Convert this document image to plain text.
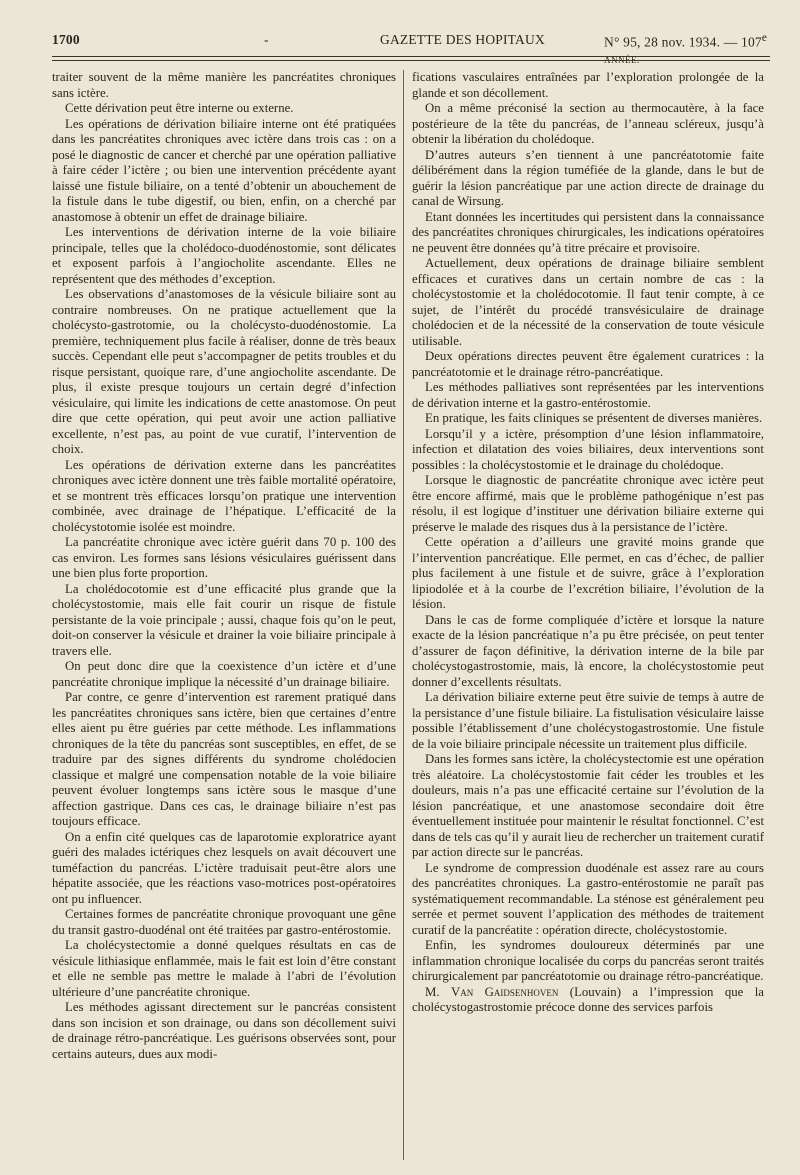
1700	-	GAZETTE DES HOPITAUX	N° 95, 28 nov. 1934. — 107e ANNÉE.

traiter souvent de la même manière les pancréatites chroniques sans ictère.

Cette dérivation peut être interne ou externe.

Les opérations de dérivation biliaire interne ont été pratiquées dans les pancréatites chroniques avec ictère dans trois cas : on a posé le diagnostic de cancer et cherché par une opération palliative à faire céder l’ictère ; ou bien une intervention précédente ayant laissé une fistule biliaire, on a tenté d’obtenir un abouchement de la fistule dans le tube digestif, ou bien, enfin, on a cherché par anastomose à obtenir un effet de drainage biliaire.

Les interventions de dérivation interne de la voie biliaire principale, telles que la cholédoco-duodénostomie, sont délicates et exposent parfois à l’angiocholite ascendante. Elles ne représentent que des méthodes d’exception.

Les observations d’anastomoses de la vésicule biliaire sont au contraire nombreuses. On ne pratique actuellement que la cholécysto-gastrotomie, ou la cholécysto-duodénostomie. La première, techniquement plus facile à réaliser, donne de très beaux succès. Cependant elle peut s’accompagner de petits troubles et du risque persistant, quoique rare, d’une angiocholite ascendante. De plus, il existe presque toujours un certain degré d’infection vésiculaire, qui limite les indications de cette anastomose. On peut dire que cette opération, qui peut avoir une action palliative excellente, n’est pas, au point de vue curatif, l’intervention de choix.

Les opérations de dérivation externe dans les pancréatites chroniques avec ictère donnent une très faible mortalité opératoire, et se montrent très efficaces lorsqu’on pratique une intervention combinée, avec drainage de l’hépatique. L’efficacité de la cholécystotomie isolée est moindre.

La pancréatite chronique avec ictère guérit dans 70 p. 100 des cas environ. Les formes sans lésions vésiculaires guérissent dans une bien plus forte proportion.

La cholédocotomie est d’une efficacité plus grande que la cholécystostomie, mais elle fait courir un risque de fistule persistante de la voie principale ; aussi, chaque fois qu’on le peut, doit-on conserver la vésicule et drainer la voie biliaire principale à travers elle.

On peut donc dire que la coexistence d’un ictère et d’une pancréatite chronique implique la nécessité d’un drainage biliaire.

Par contre, ce genre d’intervention est rarement pratiqué dans les pancréatites chroniques sans ictère, bien que certaines d’entre elles aient pu être guéries par cette méthode. Les inflammations chroniques de la tête du pancréas sont susceptibles, en effet, de se traduire par des signes différents du syndrome cholédocien classique et malgré une compensation notable de la voie biliaire peuvent évoluer longtemps sans ictère sous le masque d’une affection gastrique. Dans ces cas, le drainage biliaire n’est pas toujours efficace.

On a enfin cité quelques cas de laparotomie exploratrice ayant guéri des malades ictériques chez lesquels on avait découvert une tuméfaction du pancréas. L’ictère traduisait peut-être alors une hépatite associée, que les réactions vaso-motrices post-opératoires ont pu influencer.

Certaines formes de pancréatite chronique provoquant une gêne du transit gastro-duodénal ont été traitées par gastro-entérostomie.

La cholécystectomie a donné quelques résultats en cas de vésicule lithiasique enflammée, mais le fait est loin d’être constant et elle ne semble pas mettre le malade à l’abri de l’évolution ultérieure d’une pancréatite chronique.

Les méthodes agissant directement sur le pancréas consistent dans son incision et son drainage, ou dans son décollement suivi de drainage rétro-pancréatique. Les guérisons observées sont, pour certains auteurs, dues aux modi-

fications vasculaires entraînées par l’exploration prolongée de la glande et son décollement.

On a même préconisé la section au thermocautère, à la face postérieure de la tête du pancréas, de l’anneau scléreux, jusqu’à obtenir la libération du cholédoque.

D’autres auteurs s’en tiennent à une pancréatotomie faite délibérément dans la région tuméfiée de la glande, dans le but de guérir la lésion pancréatique par une action directe de drainage du canal de Wirsung.

Etant données les incertitudes qui persistent dans la connaissance des pancréatites chroniques chirurgicales, les indications opératoires ne peuvent être données qu’à titre précaire et provisoire.

Actuellement, deux opérations de drainage biliaire semblent efficaces et curatives dans un certain nombre de cas : la cholécystostomie et la cholédocotomie. Il faut tenir compte, à ce sujet, de l’intérêt du procédé transvésiculaire de drainage cholédocien et de la nécessité de la conservation de toute vésicule utilisable.

Deux opérations directes peuvent être également curatrices : la pancréatotomie et le drainage rétro-pancréatique.

Les méthodes palliatives sont représentées par les interventions de dérivation interne et la gastro-entérostomie.

En pratique, les faits cliniques se présentent de diverses manières.

Lorsqu’il y a ictère, présomption d’une lésion inflammatoire, infection et dilatation des voies biliaires, deux interventions sont possibles : la cholécystostomie et le drainage du cholédoque.

Lorsque le diagnostic de pancréatite chronique avec ictère peut être encore affirmé, mais que le problème pathogénique n’est pas résolu, il est logique d’instituer une dérivation biliaire externe qui préserve le malade des risques dus à la persistance de l’ictère.

Cette opération a d’ailleurs une gravité moins grande que l’intervention pancréatique. Elle permet, en cas d’échec, de pallier plus facilement à une fistule et de suivre, grâce à l’exploration lipiodolée et à la courbe de l’excrétion biliaire, l’évolution de la lésion.

Dans le cas de forme compliquée d’ictère et lorsque la nature exacte de la lésion pancréatique n’a pu être précisée, on peut tenter d’assurer de façon définitive, la dérivation interne de la bile par cholécystogastrostomie, mais, là encore, la cholécystostomie peut donner d’excellents résultats.

La dérivation biliaire externe peut être suivie de temps à autre de la persistance d’une fistule biliaire. La fistulisation vésiculaire laisse possible l’établissement d’une cholécystogastrostomie. Une fistule de la voie biliaire principale nécessite un traitement plus difficile.

Dans les formes sans ictère, la cholécystectomie est une opération très aléatoire. La cholécystostomie fait céder les troubles et les douleurs, mais n’a pas une efficacité certaine sur l’évolution de la lésion pancréatique, et une anastomose secondaire doit être éventuellement instituée pour maintenir le résultat fonctionnel. C’est dans de tels cas qu’il y aurait lieu de rechercher un traitement curatif par action directe sur le pancréas.

Le syndrome de compression duodénale est assez rare au cours des pancréatites chroniques. La gastro-entérostomie ne paraît pas systématiquement recommandable. La sténose est généralement peu serrée et permet souvent l’application des méthodes de traitement curatif de la pancréatite : opération directe, cholécystostomie.

Enfin, les syndromes douloureux déterminés par une inflammation chronique localisée du corps du pancréas seront traités chirurgicalement par pancréatotomie ou drainage rétro-pancréatique.

M. Van Gaidsenhoven (Louvain) a l’impression que la cholécystogastrostomie précoce donne des services parfois
